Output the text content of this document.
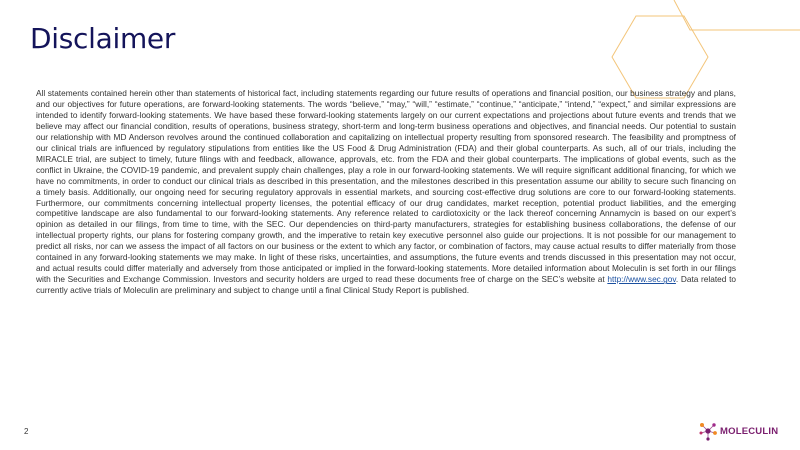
Disclaimer

All statements contained herein other than statements of historical fact, including statements regarding our future results of operations and financial position, our business strategy and plans, and our objectives for future operations, are forward-looking statements. The words “believe,” “may,” “will,” “estimate,” “continue,” “anticipate,” “intend,” “expect,” and similar expressions are intended to identify forward-looking statements. We have based these forward-looking statements largely on our current expectations and projections about future events and trends that we believe may affect our financial condition, results of operations, business strategy, short-term and long-term business operations and objectives, and financial needs. Our potential to sustain our relationship with MD Anderson revolves around the continued collaboration and capitalizing on intellectual property resulting from sponsored research. The feasibility and promptness of our clinical trials are influenced by regulatory stipulations from entities like the US Food & Drug Administration (FDA) and their global counterparts. As such, all of our trials, including the MIRACLE trial, are subject to timely, future filings with and feedback, allowance, approvals, etc. from the FDA and their global counterparts. The implications of global events, such as the conflict in Ukraine, the COVID-19 pandemic, and prevalent supply chain challenges, play a role in our forward-looking statements. We will require significant additional financing, for which we have no commitments, in order to conduct our clinical trials as described in this presentation, and the milestones described in this presentation assume our ability to secure such financing on a timely basis. Additionally, our ongoing need for securing regulatory approvals in essential markets, and sourcing cost-effective drug solutions are core to our forward-looking statements. Furthermore, our commitments concerning intellectual property licenses, the potential efficacy of our drug candidates, market reception, potential product liabilities, and the emerging competitive landscape are also fundamental to our forward-looking statements. Any reference related to cardiotoxicity or the lack thereof concerning Annamycin is based on our expert’s opinion as detailed in our filings, from time to time, with the SEC. Our dependencies on third-party manufacturers, strategies for establishing business collaborations, the defense of our intellectual property rights, our plans for fostering company growth, and the imperative to retain key executive personnel also guide our projections. It is not possible for our management to predict all risks, nor can we assess the impact of all factors on our business or the extent to which any factor, or combination of factors, may cause actual results to differ materially from those contained in any forward-looking statements we may make. In light of these risks, uncertainties, and assumptions, the future events and trends discussed in this presentation may not occur, and actual results could differ materially and adversely from those anticipated or implied in the forward-looking statements. More detailed information about Moleculin is set forth in our filings with the Securities and Exchange Commission. Investors and security holders are urged to read these documents free of charge on the SEC’s website at http://www.sec.gov. Data related to currently active trials of Moleculin are preliminary and subject to change until a final Clinical Study Report is published.

2	MOLECULIN
